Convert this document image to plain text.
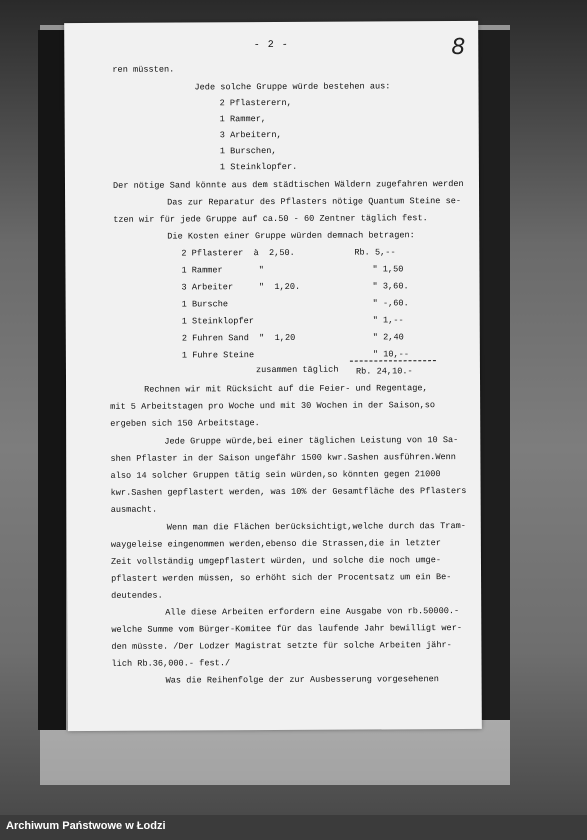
- 2 -	8
ren müssten.
Jede solche Gruppe würde bestehen aus:
2 Pflasterern,
1 Rammer,
3 Arbeitern,
1 Burschen,
1 Steinklopfer.
Der nötige Sand könnte aus dem städtischen Wäldern zugefahren werden
Das zur Reparatur des Pflasters nötige Quantum Steine se-
tzen wir für jede Gruppe auf ca.50 - 60 Zentner täglich fest.
Die Kosten einer Gruppe würden demnach betragen:
2 Pflasterer  à  2,50.
1 Rammer       "
3 Arbeiter     "  1,20.
1 Bursche
1 Steinklopfer
2 Fuhren Sand  "  1,20
1 Fuhre Steine
Rb. 5,--
" 1,50
" 3,60.
" -,60.
" 1,--
" 2,40
" 10,--
zusammen täglich Rb. 24,10.-
Rechnen wir mit Rücksicht auf die Feier- und Regentage,
mit 5 Arbeitstagen pro Woche und mit 30 Wochen in der Saison,so
ergeben sich 150 Arbeitstage.
Jede Gruppe würde,bei einer täglichen Leistung von 10 Sa-
shen Pflaster in der Saison ungefähr 1500 kwr.Sashen ausführen.Wenn
also 14 solcher Gruppen tätig sein würden,so könnten gegen 21000
kwr.Sashen gepflastert werden, was 10% der Gesamtfläche des Pflasters
ausmacht.
Wenn man die Flächen berücksichtigt,welche durch das Tram-
waygeleise eingenommen werden,ebenso die Strassen,die in letzter
Zeit vollständig umgepflastert würden, und solche die noch umge-
pflastert werden müssen, so erhöht sich der Procentsatz um ein Be-
deutendes.
Alle diese Arbeiten erfordern eine Ausgabe von rb.50000.-
welche Summe vom Bürger-Komitee für das laufende Jahr bewilligt wer-
den müsste. /Der Lodzer Magistrat setzte für solche Arbeiten jähr-
lich Rb.36,000.- fest./
Was die Reihenfolge der zur Ausbesserung vorgesehenen
Archiwum Państwowe w Łodzi
